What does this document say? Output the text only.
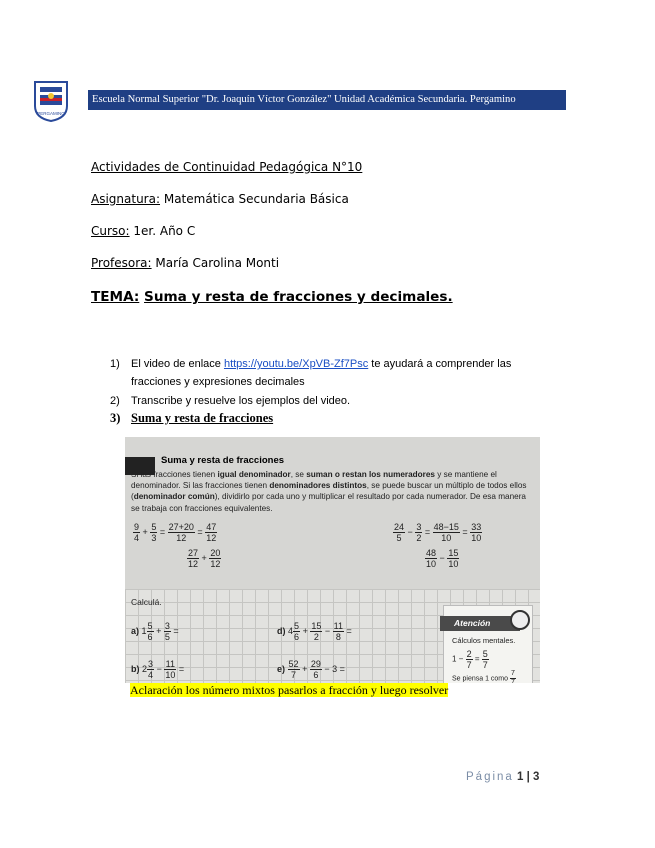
PERGAMINO
Escuela Normal Superior "Dr. Joaquín Víctor González" Unidad Académica Secundaria. Pergamino
Actividades de Continuidad Pedagógica N°10
Asignatura: Matemática Secundaria Básica
Curso: 1er. Año C
Profesora: María Carolina Monti
TEMA: Suma y resta de fracciones y decimales.
1) El video de enlace https://youtu.be/XpVB-Zf7Psc te ayudará a comprender las
fracciones y expresiones decimales
2) Transcribe y resuelve los ejemplos del video.
3) Suma y resta de fracciones
Suma y resta de fracciones
Si las fracciones tienen igual denominador, se suman o restan los numeradores y se mantiene el denominador. Si las fracciones tienen denominadores distintos, se puede buscar un múltiplo de todos ellos (denominador común), dividirlo por cada uno y multiplicar el resultado por cada numerador. De esa manera se trabaja con fracciones equivalentes.
$\frac{9}{4} + \frac{5}{3} = \frac{27+20}{12} = \frac{47}{12}$
$\frac{27}{12} + \frac{20}{12}$
$\frac{24}{5} - \frac{3}{2} = \frac{48-15}{10} = \frac{33}{10}$
$\frac{48}{10} - \frac{15}{10}$
Calculá.
a) $1 \frac{5}{6} + \frac{3}{5}$ =	d) $4 \frac{5}{6} + \frac{15}{2} - \frac{11}{8}$ =
b) $2 \frac{3}{4} - \frac{11}{10}$ =	$e) \frac{52}{7} + \frac{29}{6} - 3$ =
Atención
Cálculos mentales.
$1 - \frac{2}{7} = \frac{5}{7}$
Se piensa 1 como $\frac{7}{7}$
Aclaración los número mixtos pasarlos a fracción y luego resolver
Página 1 | 3
